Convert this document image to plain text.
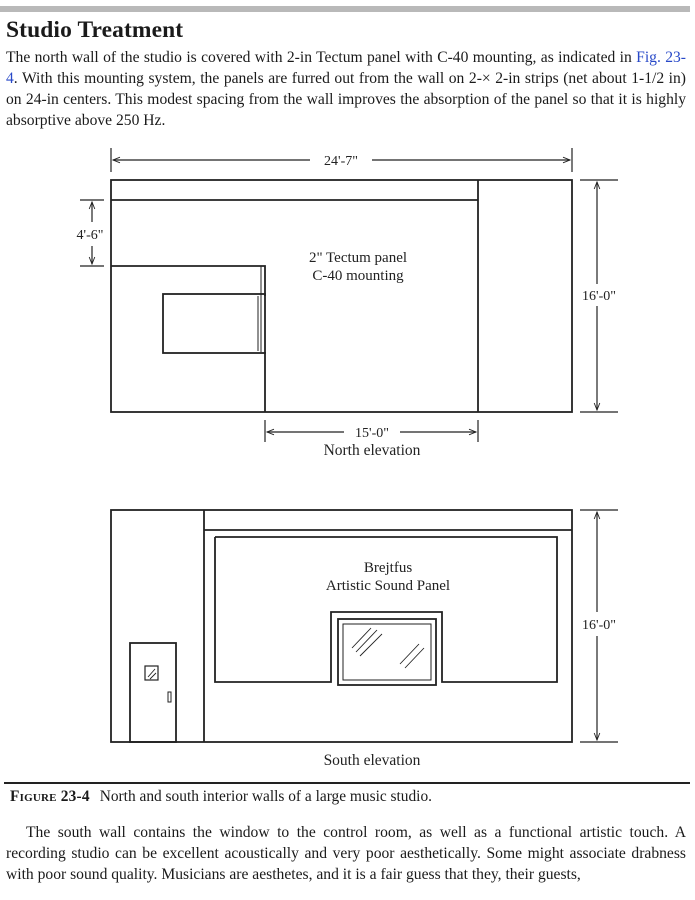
Studio Treatment

The north wall of the studio is covered with 2-in Tectum panel with C-40 mounting, as indicated in Fig. 23-4. With this mounting system, the panels are furred out from the wall on 2-× 2-in strips (net about 1-1/2 in) on 24-in centers. This modest spacing from the wall improves the absorption of the panel so that it is highly absorptive above 250 Hz.

24'-7"
16'-0"
4'-6"
15'-0"
2" Tectum panel
C-40 mounting
North elevation
Brejtfus
Artistic Sound Panel
16'-0"
South elevation

Figure 23-4 North and south interior walls of a large music studio.

The south wall contains the window to the control room, as well as a functional artistic touch. A recording studio can be excellent acoustically and very poor aesthetically. Some might associate drabness with poor sound quality. Musicians are aesthetes, and it is a fair guess that they, their guests,
